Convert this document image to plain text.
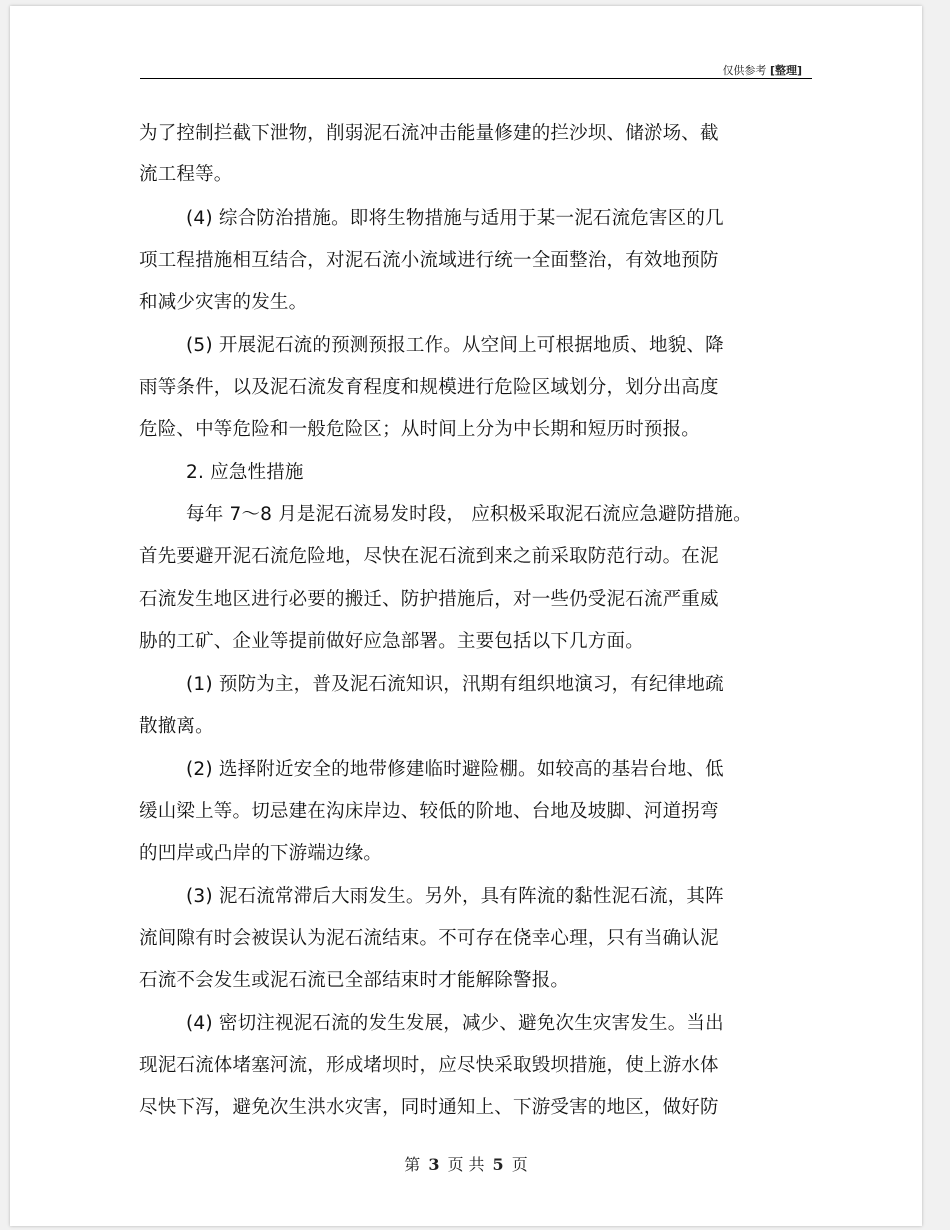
仅供参考 [整理]
为了控制拦截下泄物，削弱泥石流冲击能量修建的拦沙坝、储淤场、截
流工程等。
(4) 综合防治措施。即将生物措施与适用于某一泥石流危害区的几
项工程措施相互结合，对泥石流小流域进行统一全面整治，有效地预防
和减少灾害的发生。
(5) 开展泥石流的预测预报工作。从空间上可根据地质、地貌、降
雨等条件，以及泥石流发育程度和规模进行危险区域划分，划分出高度
危险、中等危险和一般危险区；从时间上分为中长期和短历时预报。
2. 应急性措施
每年 7～8 月是泥石流易发时段， 应积极采取泥石流应急避防措施。
首先要避开泥石流危险地，尽快在泥石流到来之前采取防范行动。在泥
石流发生地区进行必要的搬迁、防护措施后，对一些仍受泥石流严重威
胁的工矿、企业等提前做好应急部署。主要包括以下几方面。
(1) 预防为主，普及泥石流知识，汛期有组织地演习，有纪律地疏
散撤离。
(2) 选择附近安全的地带修建临时避险棚。如较高的基岩台地、低
缓山梁上等。切忌建在沟床岸边、较低的阶地、台地及坡脚、河道拐弯
的凹岸或凸岸的下游端边缘。
(3) 泥石流常滞后大雨发生。另外，具有阵流的黏性泥石流，其阵
流间隙有时会被误认为泥石流结束。不可存在侥幸心理，只有当确认泥
石流不会发生或泥石流已全部结束时才能解除警报。
(4) 密切注视泥石流的发生发展，减少、避免次生灾害发生。当出
现泥石流体堵塞河流，形成堵坝时，应尽快采取毁坝措施，使上游水体
尽快下泻，避免次生洪水灾害，同时通知上、下游受害的地区，做好防
第 3 页 共 5 页
